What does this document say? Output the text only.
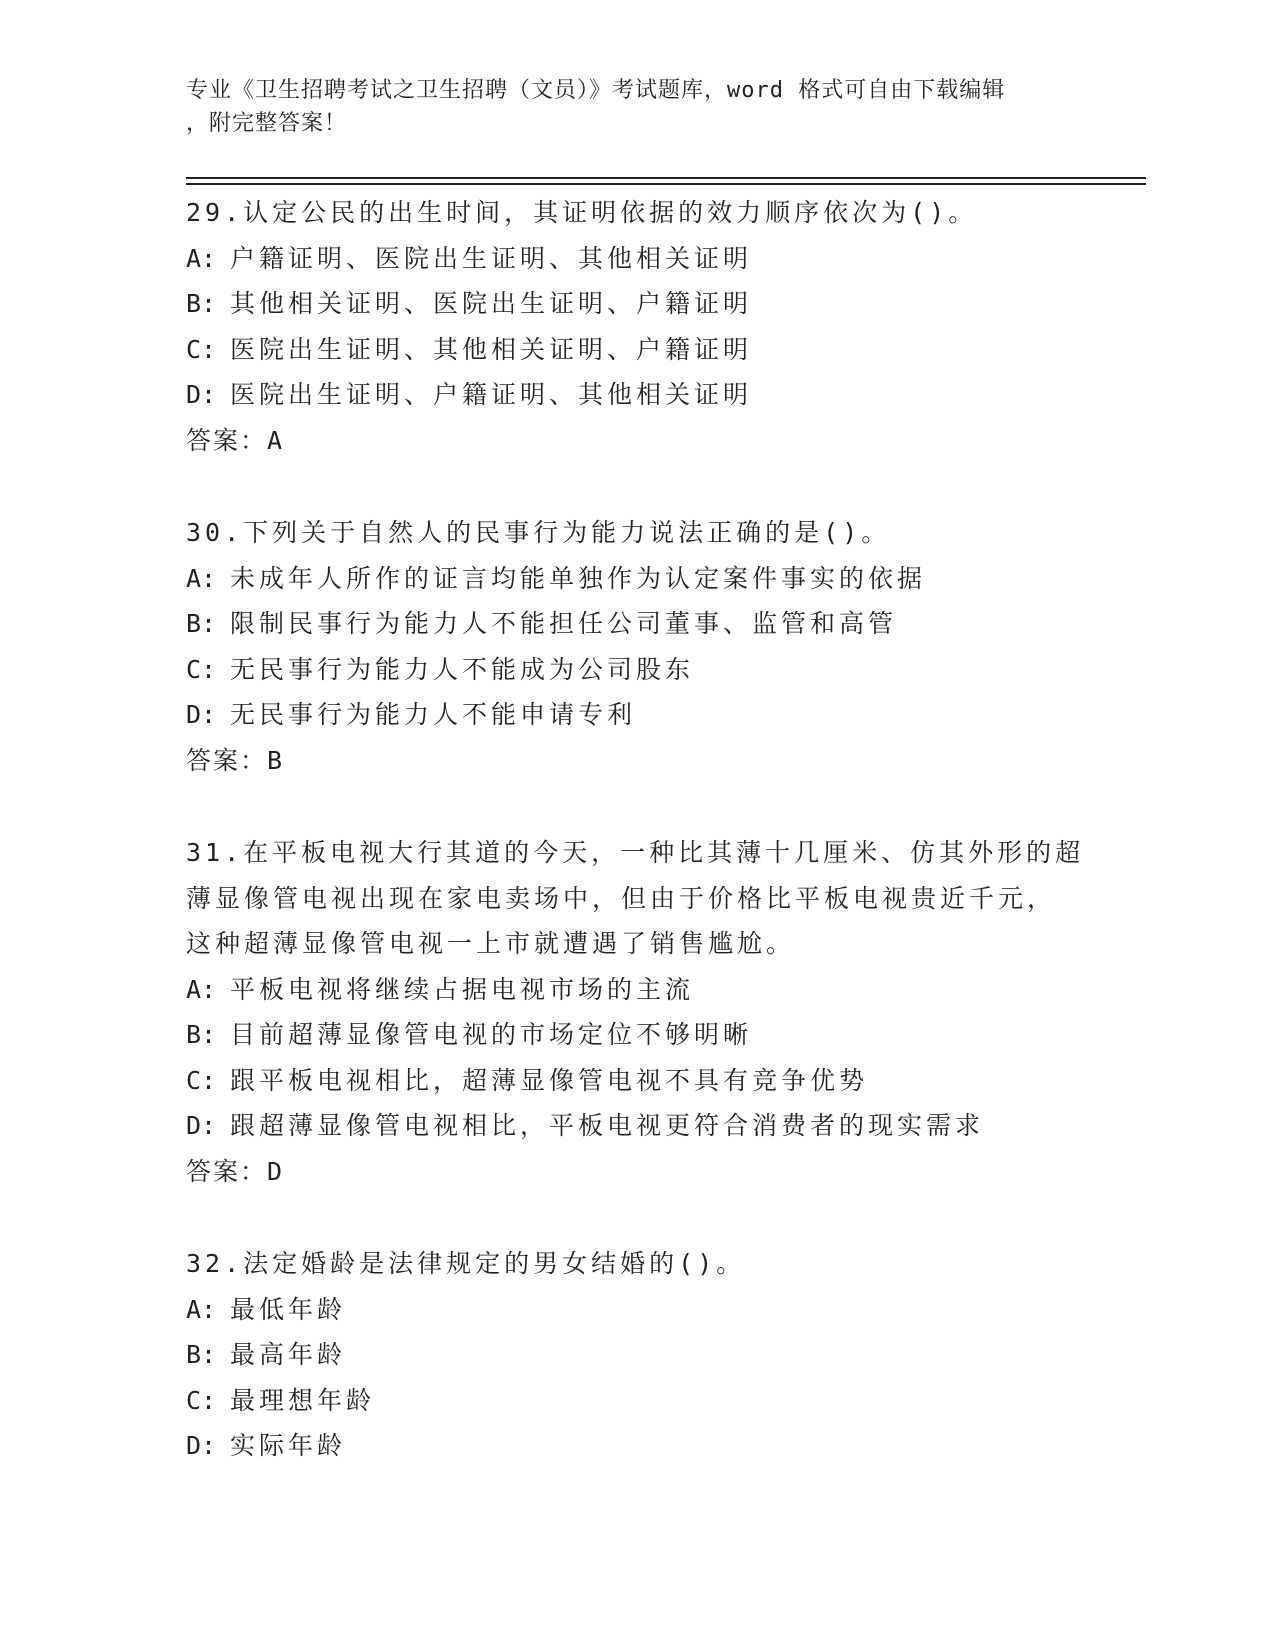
专业《卫生招聘考试之卫生招聘（文员）》考试题库，word 格式可自由下载编辑
，附完整答案！
29.认定公民的出生时间，其证明依据的效力顺序依次为()。
A: 户籍证明、医院出生证明、其他相关证明
B: 其他相关证明、医院出生证明、户籍证明
C: 医院出生证明、其他相关证明、户籍证明
D: 医院出生证明、户籍证明、其他相关证明
答案：A
30.下列关于自然人的民事行为能力说法正确的是()。
A: 未成年人所作的证言均能单独作为认定案件事实的依据
B: 限制民事行为能力人不能担任公司董事、监管和高管
C: 无民事行为能力人不能成为公司股东
D: 无民事行为能力人不能申请专利
答案：B
31.在平板电视大行其道的今天，一种比其薄十几厘米、仿其外形的超
薄显像管电视出现在家电卖场中，但由于价格比平板电视贵近千元，
这种超薄显像管电视一上市就遭遇了销售尴尬。
A: 平板电视将继续占据电视市场的主流
B: 目前超薄显像管电视的市场定位不够明晰
C: 跟平板电视相比，超薄显像管电视不具有竞争优势
D: 跟超薄显像管电视相比，平板电视更符合消费者的现实需求
答案：D
32.法定婚龄是法律规定的男女结婚的()。
A: 最低年龄
B: 最高年龄
C: 最理想年龄
D: 实际年龄
